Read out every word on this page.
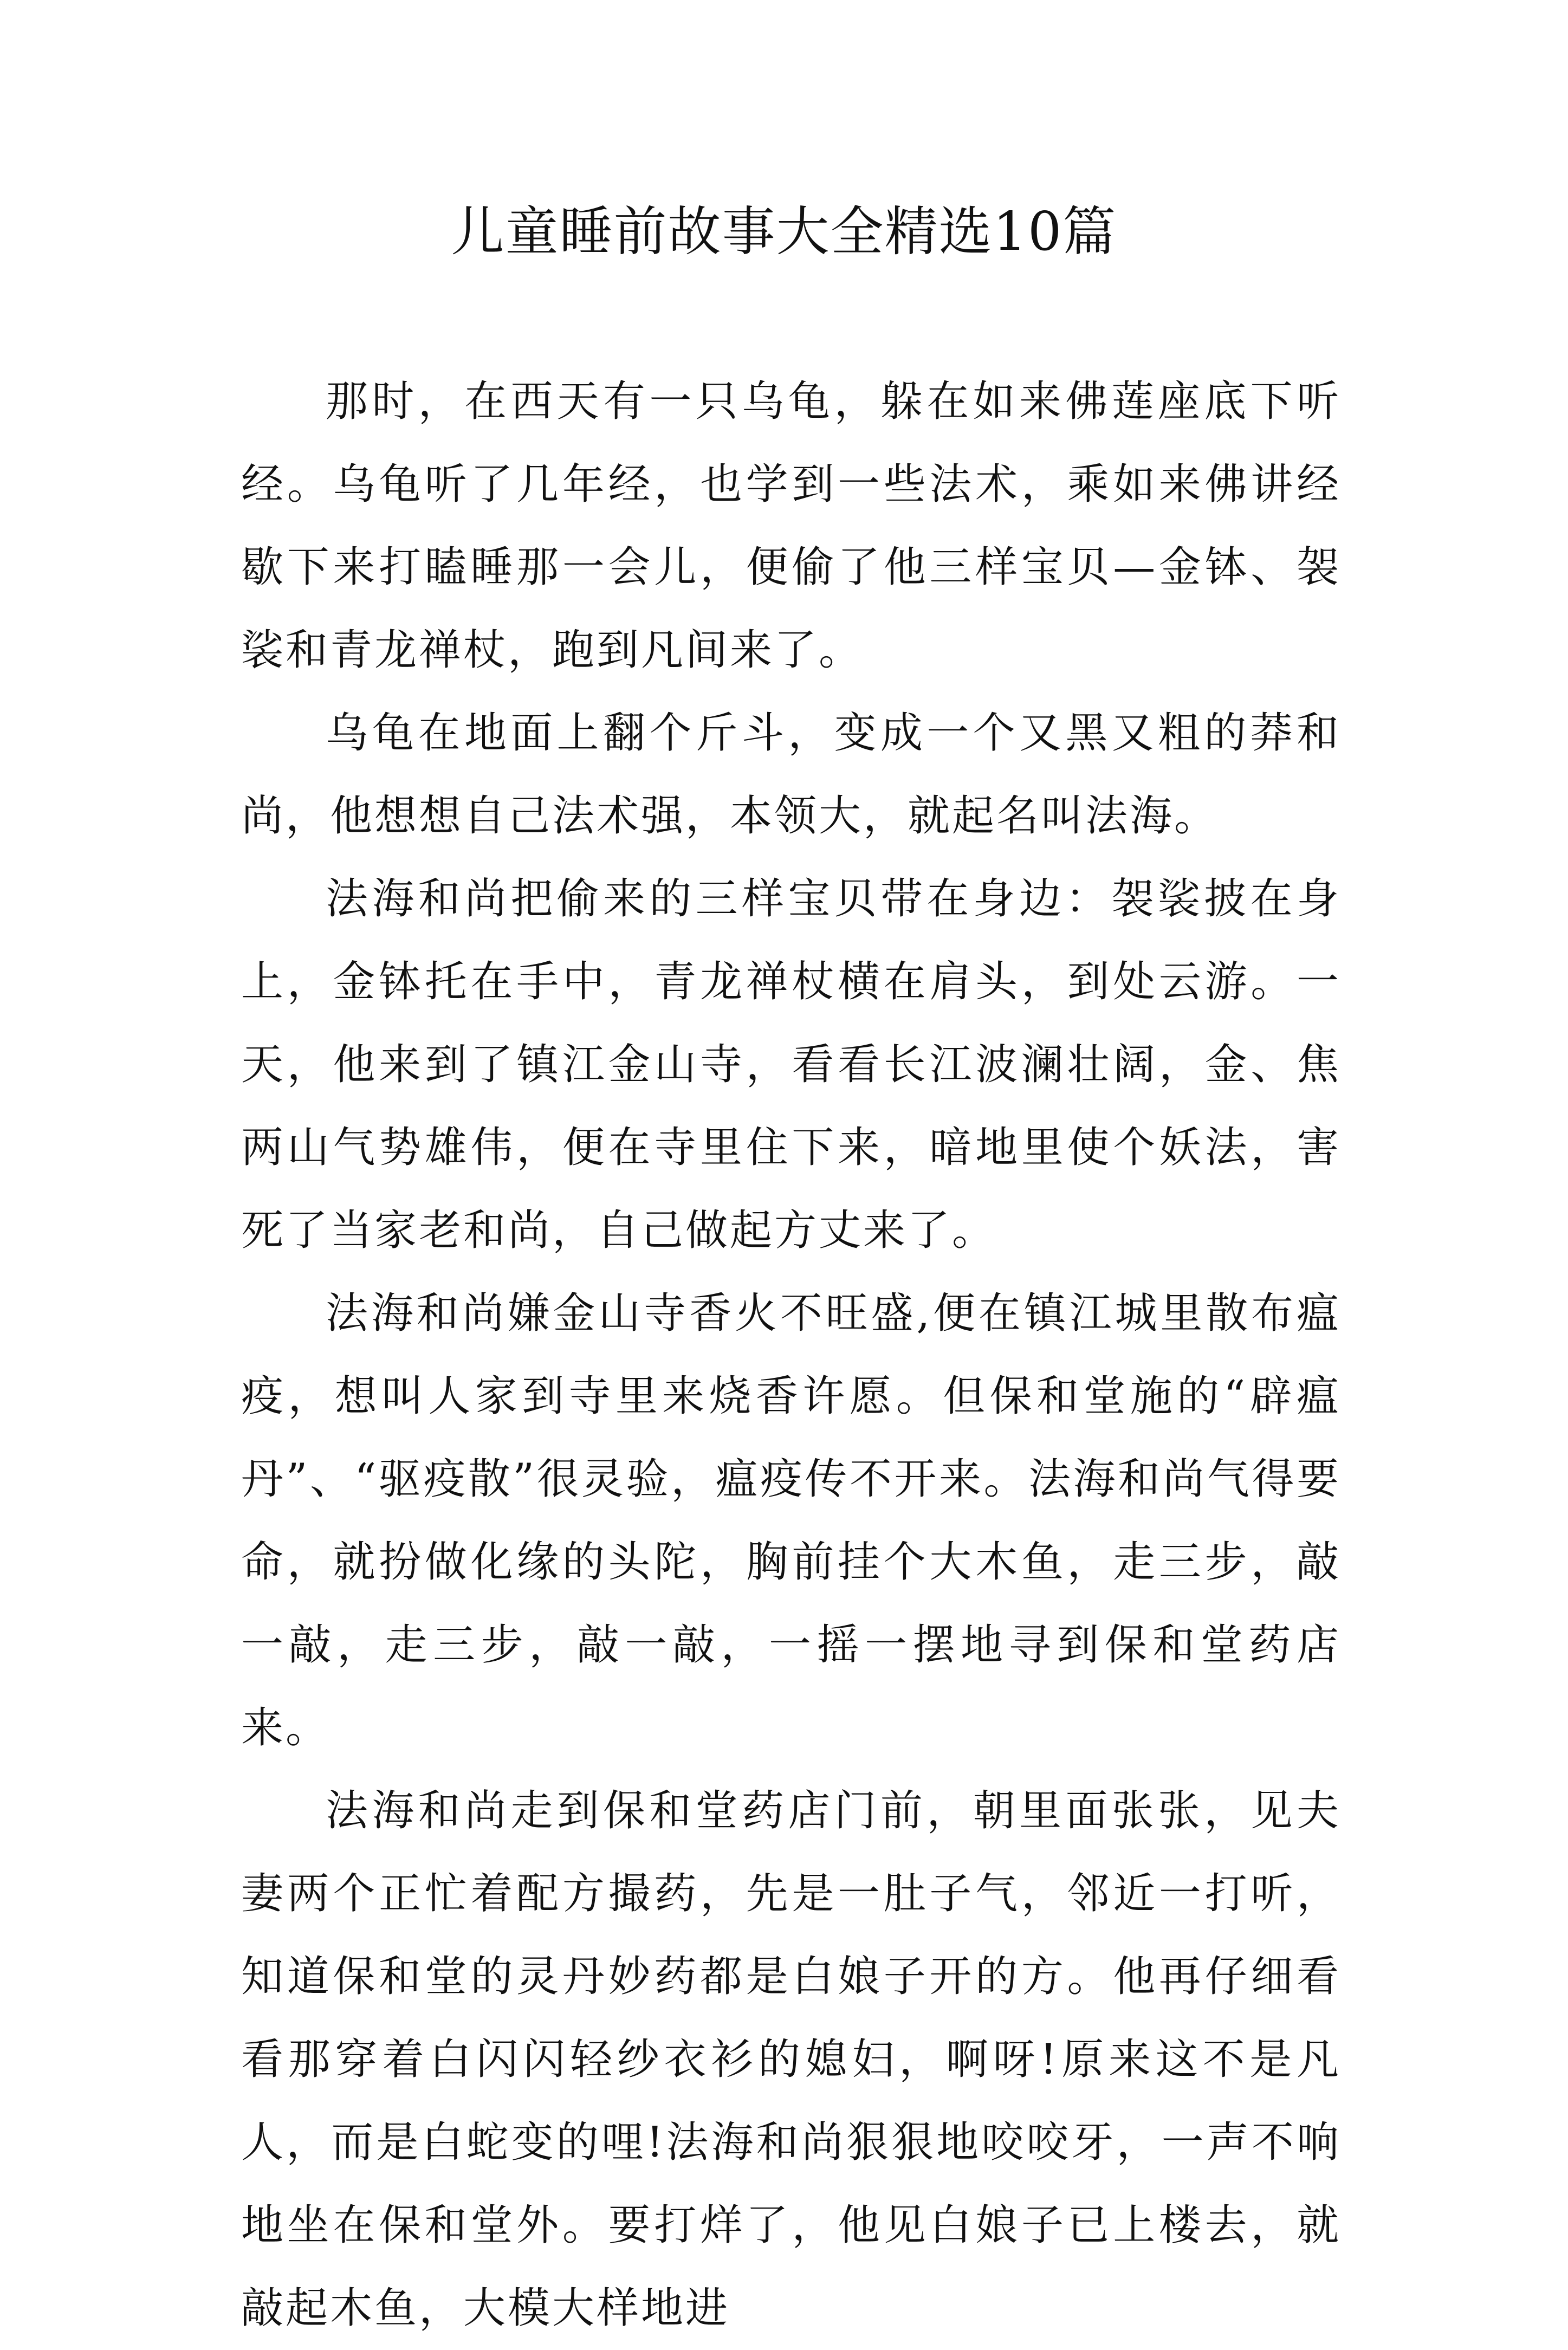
儿童睡前故事大全精选10篇

那时，在西天有一只乌龟，躲在如来佛莲座底下听经。乌龟听了几年经，也学到一些法术，乘如来佛讲经歇下来打瞌睡那一会儿，便偷了他三样宝贝—金钵、袈裟和青龙禅杖，跑到凡间来了。

乌龟在地面上翻个斤斗，变成一个又黑又粗的莽和尚，他想想自己法术强，本领大，就起名叫法海。

法海和尚把偷来的三样宝贝带在身边：袈裟披在身上，金钵托在手中，青龙禅杖横在肩头，到处云游。一天，他来到了镇江金山寺，看看长江波澜壮阔，金、焦两山气势雄伟，便在寺里住下来，暗地里使个妖法，害死了当家老和尚，自己做起方丈来了。

法海和尚嫌金山寺香火不旺盛,便在镇江城里散布瘟疫，想叫人家到寺里来烧香许愿。但保和堂施的“辟瘟丹”、“驱疫散”很灵验，瘟疫传不开来。法海和尚气得要命，就扮做化缘的头陀，胸前挂个大木鱼，走三步，敲一敲，走三步，敲一敲，一摇一摆地寻到保和堂药店来。

法海和尚走到保和堂药店门前，朝里面张张，见夫妻两个正忙着配方撮药，先是一肚子气，邻近一打听，知道保和堂的灵丹妙药都是白娘子开的方。他再仔细看看那穿着白闪闪轻纱衣衫的媳妇，啊呀!原来这不是凡人，而是白蛇变的哩!法海和尚狠狠地咬咬牙，一声不响地坐在保和堂外。要打烊了，他见白娘子已上楼去，就敲起木鱼，大模大样地进
